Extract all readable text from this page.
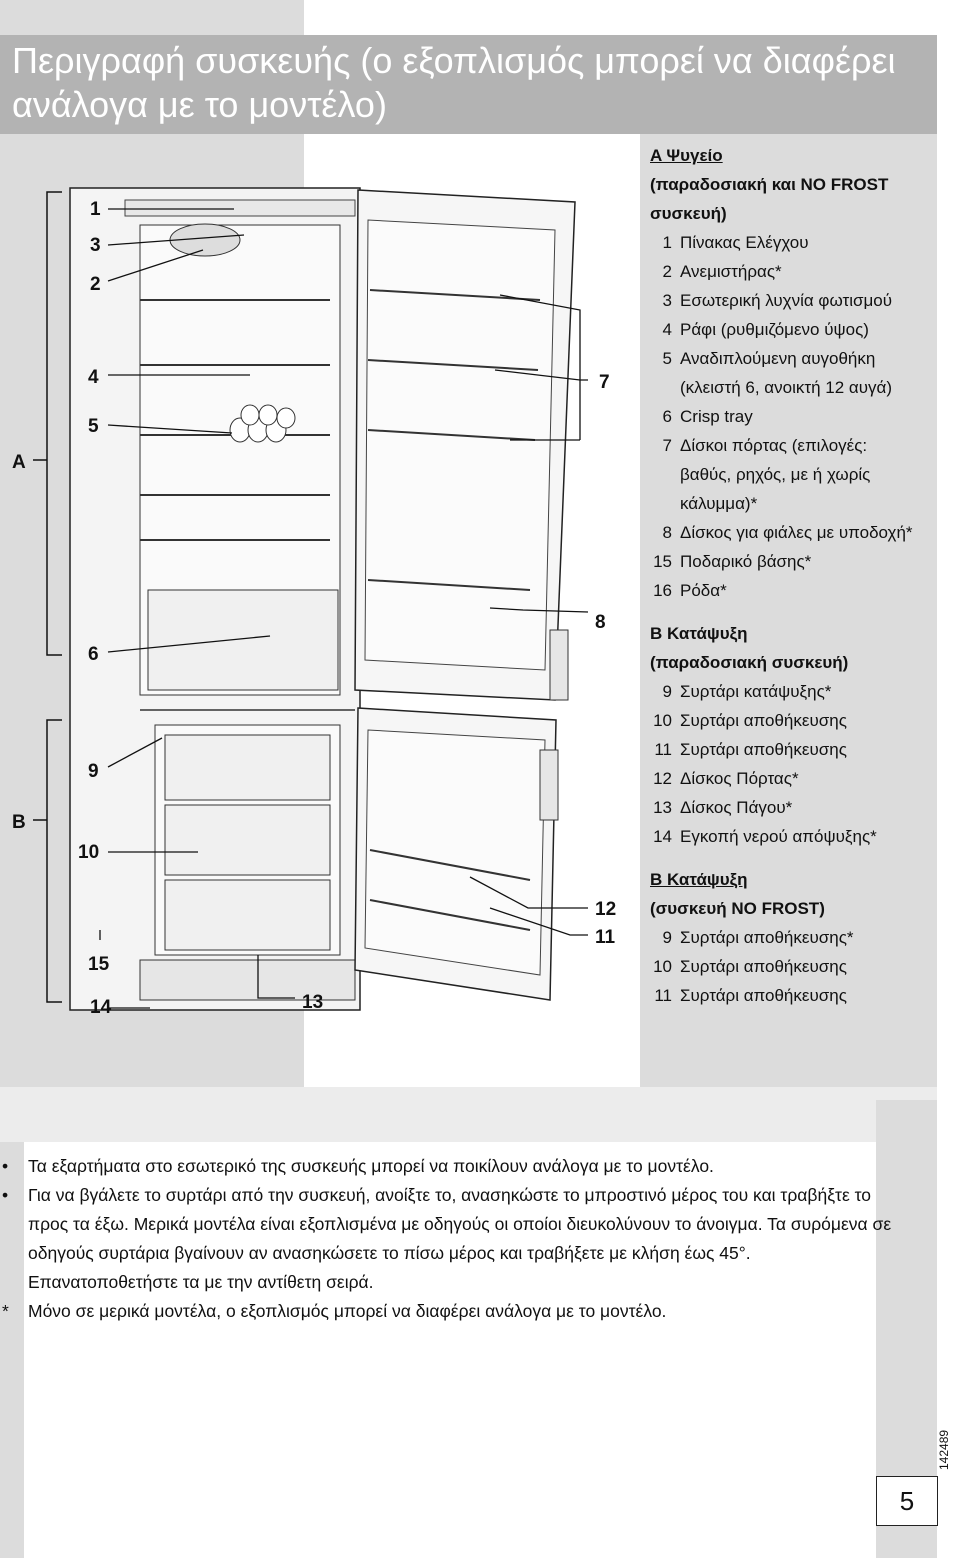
Περιγραφή συσκευής (ο εξοπλισμός μπορεί να διαφέρει ανάλογα με το μοντέλο)
A
B
1
3
2
4
5
6
9
10
15
14	13
12
11
8
7
A Ψυγείο
(παραδοσιακή και NO FROST
συσκευή)
1 Πίνακας Ελέγχου
2 Ανεμιστήρας*
3 Εσωτερική λυχνία φωτισμού
4 Ράφι (ρυθμιζόμενο ύψος)
5 Αναδιπλούμενη αυγοθήκη
(κλειστή 6, ανοικτή 12 αυγά)
6 Crisp tray
7 Δίσκοι πόρτας (επιλογές:
βαθύς, ρηχός, με ή χωρίς
κάλυμμα)*
8 Δίσκος για φιάλες με υποδοχή*
15 Ποδαρικό βάσης*
16 Ρόδα*
B Κατάψυξη
(παραδοσιακή συσκευή)
9 Συρτάρι κατάψυξης*
10 Συρτάρι αποθήκευσης
11 Συρτάρι αποθήκευσης
12 Δίσκος Πόρτας*
13 Δίσκος Πάγου*
14 Εγκοπή νερού απόψυξης*
B Κατάψυξη
(συσκευή NO FROST)
9 Συρτάρι αποθήκευσης*
10 Συρτάρι αποθήκευσης
11 Συρτάρι αποθήκευσης
•	Τα εξαρτήματα στο εσωτερικό της συσκευής μπορεί να ποικίλουν ανάλογα με το μοντέλο.
•	Για να βγάλετε το συρτάρι από την συσκευή, ανοίξτε το, ανασηκώστε το μπροστινό μέρος του και τραβήξτε το προς τα έξω. Μερικά μοντέλα είναι εξοπλισμένα με οδηγούς οι οποίοι διευκολύνουν το άνοιγμα. Τα συρόμενα σε οδηγούς συρτάρια βγαίνουν αν ανασηκώσετε το πίσω μέρος και τραβήξετε με κλήση έως 45°. Επανατοποθετήστε τα με την αντίθετη σειρά.
*	Μόνο σε μερικά μοντέλα, ο εξοπλισμός μπορεί να διαφέρει ανάλογα με το μοντέλο.
142489
5
